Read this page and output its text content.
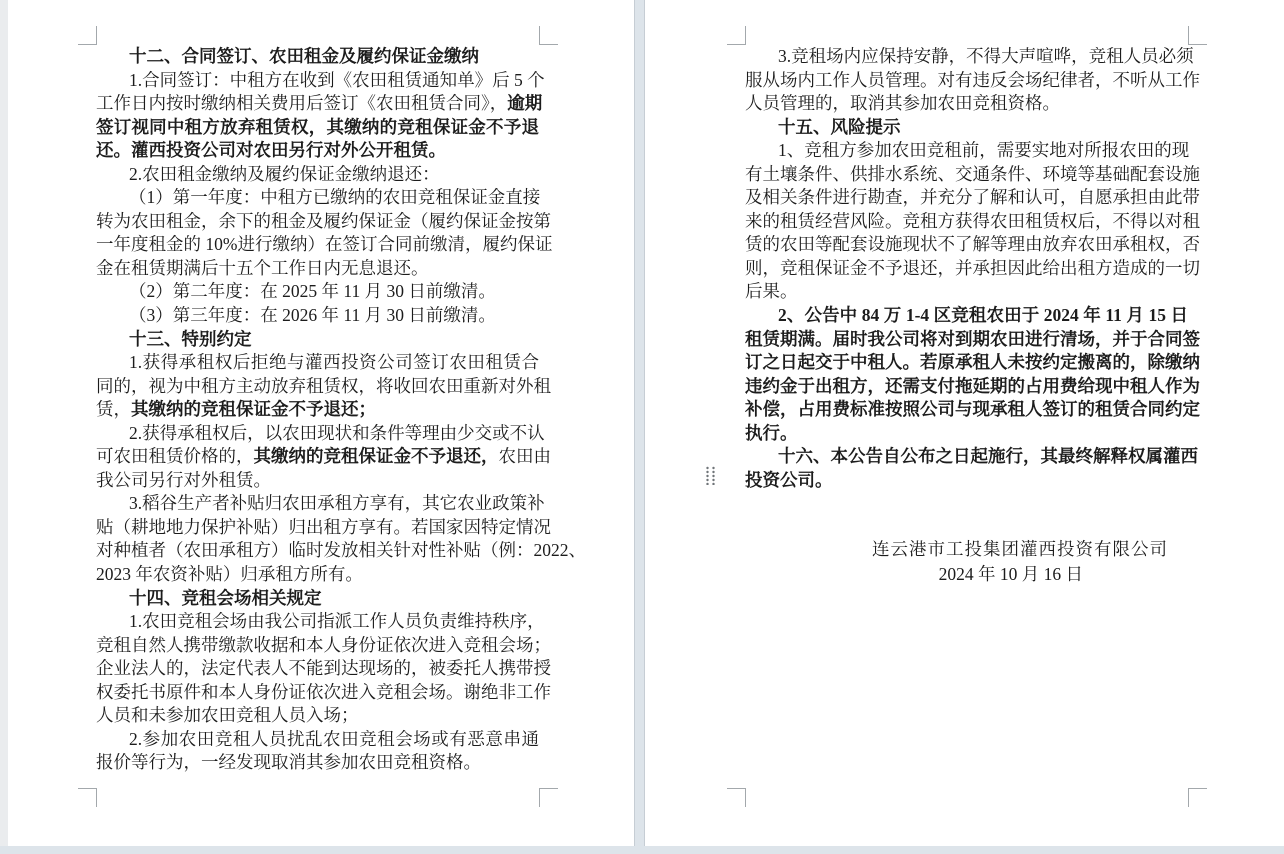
十二、合同签订、农田租金及履约保证金缴纳
1.合同签订：中租方在收到《农田租赁通知单》后 5 个
工作日内按时缴纳相关费用后签订《农田租赁合同》，逾期
签订视同中租方放弃租赁权，其缴纳的竞租保证金不予退
还。灌西投资公司对农田另行对外公开租赁。
2.农田租金缴纳及履约保证金缴纳退还：
（1）第一年度：中租方已缴纳的农田竞租保证金直接
转为农田租金，余下的租金及履约保证金（履约保证金按第
一年度租金的 10%进行缴纳）在签订合同前缴清，履约保证
金在租赁期满后十五个工作日内无息退还。
（2）第二年度：在 2025 年 11 月 30 日前缴清。
（3）第三年度：在 2026 年 11 月 30 日前缴清。
十三、特别约定
1.获得承租权后拒绝与灌西投资公司签订农田租赁合
同的，视为中租方主动放弃租赁权，将收回农田重新对外租
赁，其缴纳的竞租保证金不予退还；
2.获得承租权后，以农田现状和条件等理由少交或不认
可农田租赁价格的，其缴纳的竞租保证金不予退还，农田由
我公司另行对外租赁。
3.稻谷生产者补贴归农田承租方享有，其它农业政策补
贴（耕地地力保护补贴）归出租方享有。若国家因特定情况
对种植者（农田承租方）临时发放相关针对性补贴（例：2022、
2023 年农资补贴）归承租方所有。
十四、竞租会场相关规定
1.农田竞租会场由我公司指派工作人员负责维持秩序，
竞租自然人携带缴款收据和本人身份证依次进入竞租会场；
企业法人的，法定代表人不能到达现场的，被委托人携带授
权委托书原件和本人身份证依次进入竞租会场。谢绝非工作
人员和未参加农田竞租人员入场；
2.参加农田竞租人员扰乱农田竞租会场或有恶意串通
报价等行为，一经发现取消其参加农田竞租资格。
连云港市工投集团灌西投资有限公司
2024 年 10 月 16 日
3.竞租场内应保持安静，不得大声喧哗，竞租人员必须
服从场内工作人员管理。对有违反会场纪律者，不听从工作
人员管理的，取消其参加农田竞租资格。
十五、风险提示
1、竞租方参加农田竞租前，需要实地对所报农田的现
有土壤条件、供排水系统、交通条件、环境等基础配套设施
及相关条件进行勘查，并充分了解和认可，自愿承担由此带
来的租赁经营风险。竞租方获得农田租赁权后，不得以对租
赁的农田等配套设施现状不了解等理由放弃农田承租权，否
则，竞租保证金不予退还，并承担因此给出租方造成的一切
后果。
2、公告中 84 万 1-4 区竞租农田于 2024 年 11 月 15 日
租赁期满。届时我公司将对到期农田进行清场，并于合同签
订之日起交于中租人。若原承租人未按约定搬离的，除缴纳
违约金于出租方，还需支付拖延期的占用费给现中租人作为
补偿，占用费标准按照公司与现承租人签订的租赁合同约定
执行。
十六、本公告自公布之日起施行，其最终解释权属灌西
投资公司。
